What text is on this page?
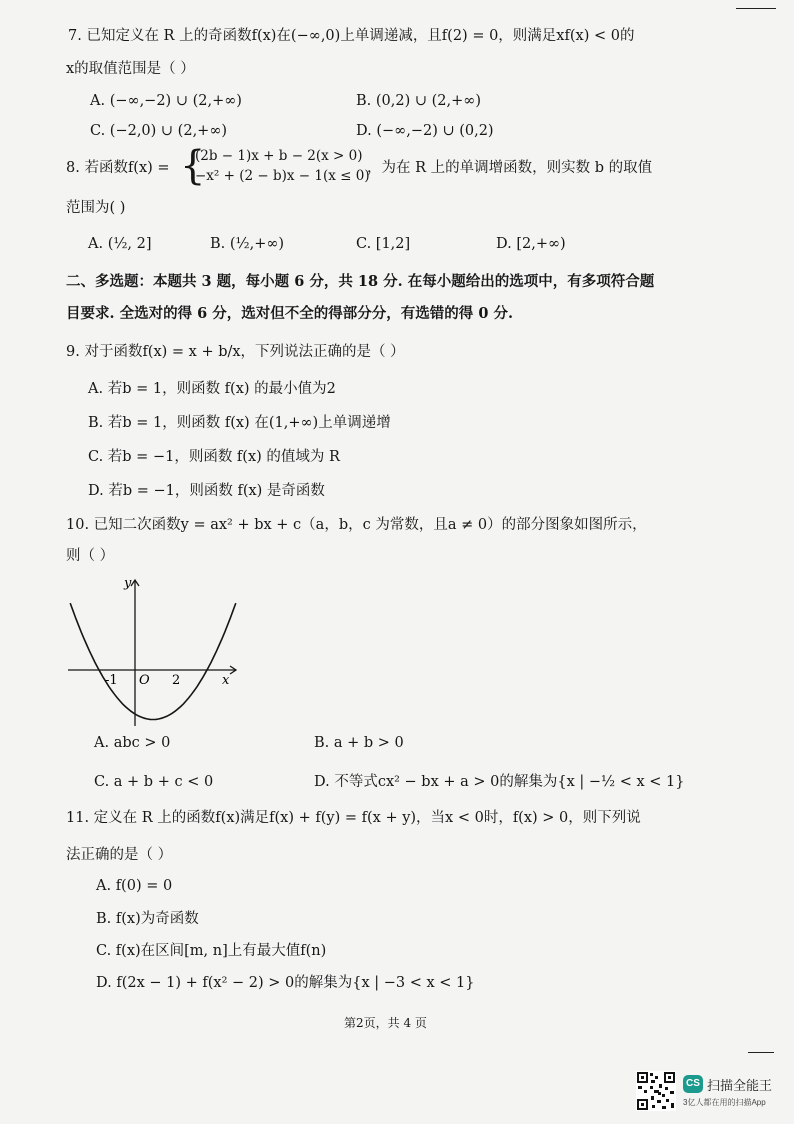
7. 已知定义在 R 上的奇函数f(x)在(−∞,0)上单调递减，且f(2) = 0，则满足xf(x) < 0的
x的取值范围是（ ）
A. (−∞,−2) ∪ (2,+∞)	B. (0,2) ∪ (2,+∞)
C. (−2,0) ∪ (2,+∞)	D. (−∞,−2) ∪ (0,2)
8. 若函数f(x) = {
(2b − 1)x + b − 2(x > 0)
−x² + (2 − b)x − 1(x ≤ 0)
，为在 R 上的单调增函数，则实数 b 的取值
范围为( )
A. (½, 2]	B. (½,+∞)	C. [1,2]	D. [2,+∞)
二、多选题：本题共 3 题，每小题 6 分，共 18 分. 在每小题给出的选项中，有多项符合题
目要求. 全选对的得 6 分，选对但不全的得部分分，有选错的得 0 分.
9. 对于函数f(x) = x + b/x，下列说法正确的是（ ）
A. 若b = 1，则函数 f(x) 的最小值为2
B. 若b = 1，则函数 f(x) 在(1,+∞)上单调递增
C. 若b = −1，则函数 f(x) 的值域为 R
D. 若b = −1，则函数 f(x) 是奇函数
10. 已知二次函数y = ax² + bx + c（a，b，c 为常数，且a ≠ 0）的部分图象如图所示，
则（ ）
y
x
-1 O 2
A. abc > 0	B. a + b > 0
C. a + b + c < 0	D. 不等式cx² − bx + a > 0的解集为{x | −½ < x < 1}
11. 定义在 R 上的函数f(x)满足f(x) + f(y) = f(x + y)，当x < 0时，f(x) > 0，则下列说
法正确的是（ ）
A. f(0) = 0
B. f(x)为奇函数
C. f(x)在区间[m, n]上有最大值f(n)
D. f(2x − 1) + f(x² − 2) > 0的解集为{x | −3 < x < 1}
第2页，共 4 页
CS 扫描全能王
3亿人都在用的扫描App
